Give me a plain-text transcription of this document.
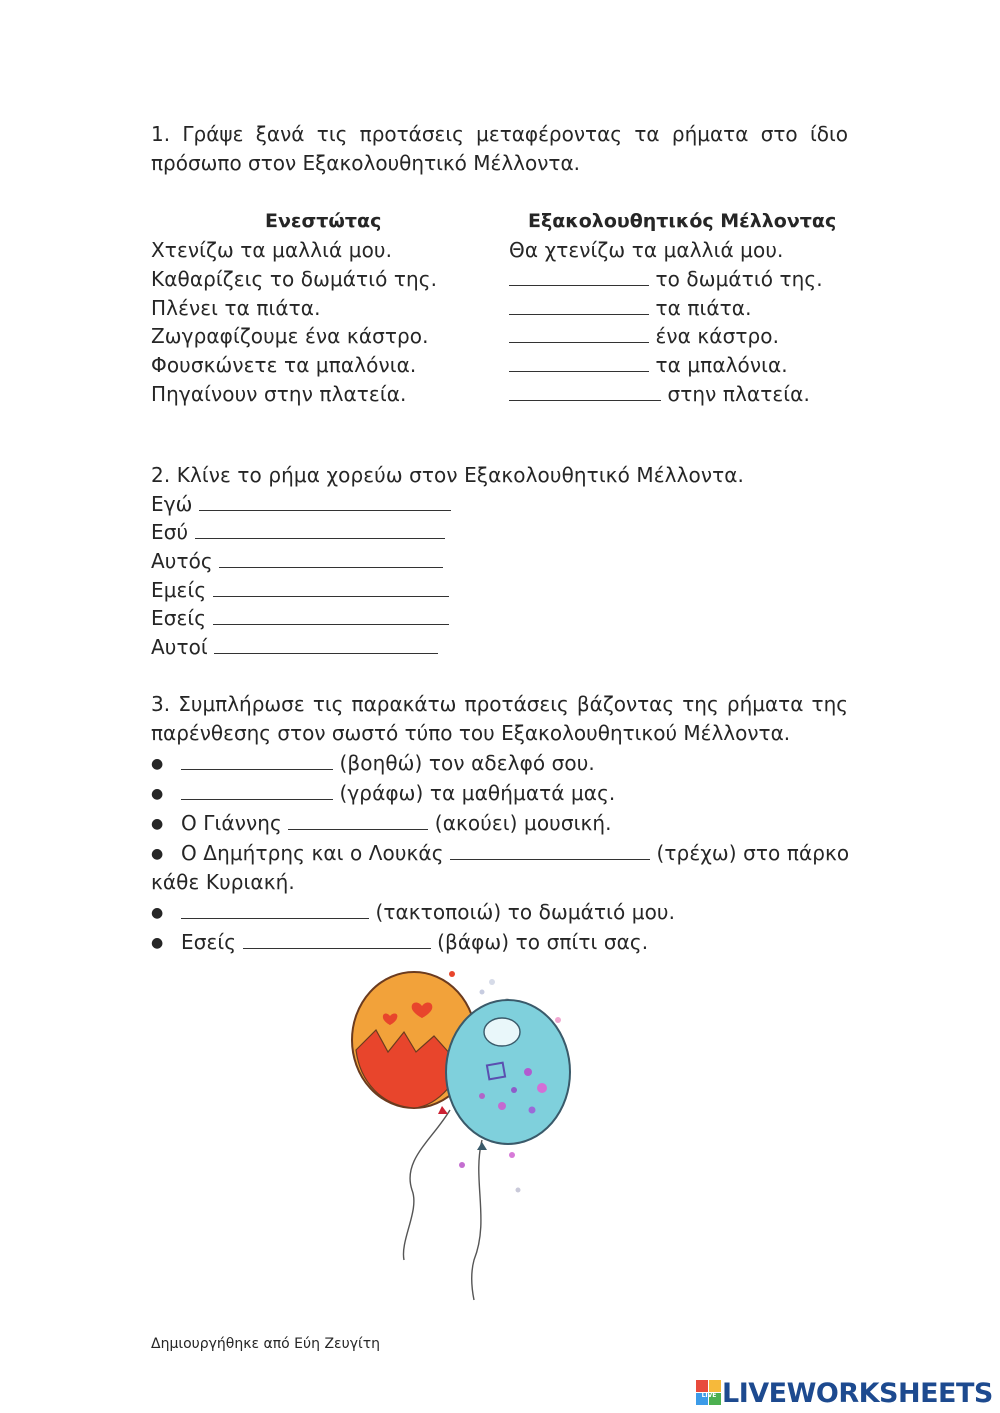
1. Γράψε ξανά τις προτάσεις μεταφέροντας τα ρήματα στο ίδιο πρόσωπο στον Εξακολουθητικό Μέλλοντα.
Ενεστώτας	Εξακολουθητικός Μέλλοντας
Χτενίζω τα μαλλιά μου.	Θα χτενίζω τα μαλλιά μου.
Καθαρίζεις το δωμάτιό της.	το δωμάτιό της.
Πλένει τα πιάτα.	τα πιάτα.
Ζωγραφίζουμε ένα κάστρο.	ένα κάστρο.
Φουσκώνετε τα μπαλόνια.	τα μπαλόνια.
Πηγαίνουν στην πλατεία.	στην πλατεία.
2. Κλίνε το ρήμα χορεύω στον Εξακολουθητικό Μέλλοντα.
Εγώ
Εσύ
Αυτός
Εμείς
Εσείς
Αυτοί
3. Συμπλήρωσε τις παρακάτω προτάσεις βάζοντας της ρήματα της παρένθεσης στον σωστό τύπο του Εξακολουθητικού Μέλλοντα.
●	(βοηθώ) τον αδελφό σου.
●	(γράφω) τα μαθήματά μας.
● Ο Γιάννης	(ακούει) μουσική.
● Ο Δημήτρης και ο Λουκάς	(τρέχω) στο πάρκο
κάθε Κυριακή.
●	(τακτοποιώ) το δωμάτιό μου.
● Εσείς	(βάφω) το σπίτι σας.
Δημιουργήθηκε από Εύη Ζευγίτη
LIVE LIVEWORKSHEETS
